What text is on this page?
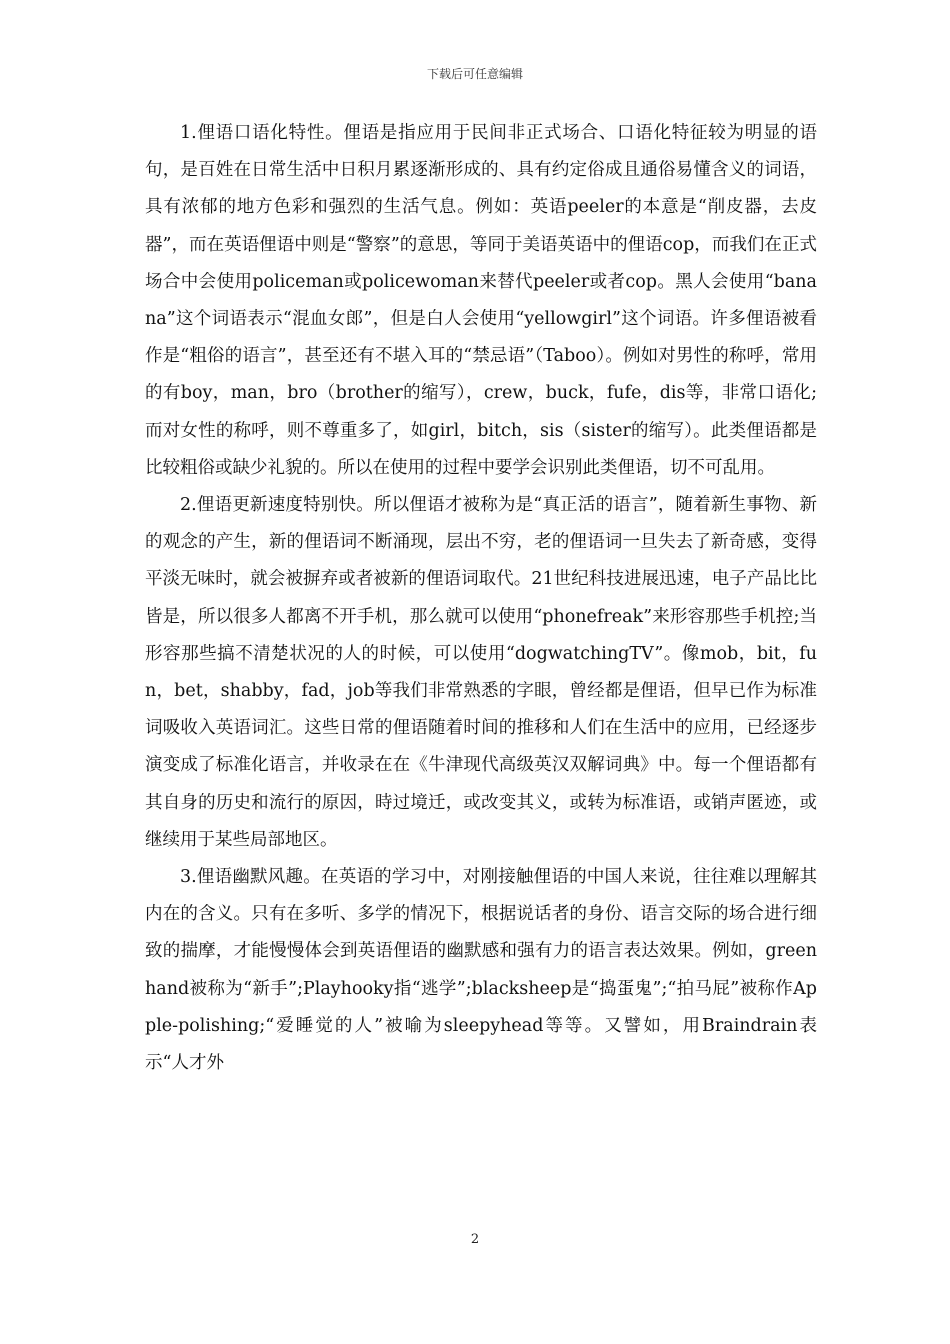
下载后可任意编辑

1.俚语口语化特性。俚语是指应用于民间非正式场合、口语化特征较为明显的语句，是百姓在日常生活中日积月累逐渐形成的、具有约定俗成且通俗易懂含义的词语，具有浓郁的地方色彩和强烈的生活气息。例如：英语peeler的本意是“削皮器，去皮器”，而在英语俚语中则是“警察”的意思，等同于美语英语中的俚语cop，而我们在正式场合中会使用policeman或policewoman来替代peeler或者cop。黑人会使用“banana”这个词语表示“混血女郎”，但是白人会使用“yellowgirl”这个词语。许多俚语被看作是“粗俗的语言”，甚至还有不堪入耳的“禁忌语”（Taboo）。例如对男性的称呼，常用的有boy，man，bro（brother的缩写），crew，buck，fufe，dis等，非常口语化;而对女性的称呼，则不尊重多了，如girl，bitch，sis（sister的缩写）。此类俚语都是比较粗俗或缺少礼貌的。所以在使用的过程中要学会识别此类俚语，切不可乱用。

2.俚语更新速度特别快。所以俚语才被称为是“真正活的语言”，随着新生事物、新的观念的产生，新的俚语词不断涌现，层出不穷，老的俚语词一旦失去了新奇感，变得平淡无味时，就会被摒弃或者被新的俚语词取代。21世纪科技进展迅速，电子产品比比皆是，所以很多人都离不开手机，那么就可以使用“phonefreak”来形容那些手机控;当形容那些搞不清楚状况的人的时候，可以使用“dogwatchingTV”。像mob，bit，fun，bet，shabby，fad，job等我们非常熟悉的字眼，曾经都是俚语，但早已作为标准词吸收入英语词汇。这些日常的俚语随着时间的推移和人们在生活中的应用，已经逐步演变成了标准化语言，并收录在在《牛津现代高级英汉双解词典》中。每一个俚语都有其自身的历史和流行的原因，時过境迁，或改变其义，或转为标准语，或销声匿迹，或继续用于某些局部地区。

3.俚语幽默风趣。在英语的学习中，对刚接触俚语的中国人来说，往往难以理解其内在的含义。只有在多听、多学的情况下，根据说话者的身份、语言交际的场合进行细致的揣摩，才能慢慢体会到英语俚语的幽默感和强有力的语言表达效果。例如，greenhand被称为“新手”;Playhooky指“逃学”;blacksheep是“捣蛋鬼”;“拍马屁”被称作Apple-polishing;“爱睡觉的人”被喻为sleepyhead等等。又譬如，用Braindrain表示“人才外

2
